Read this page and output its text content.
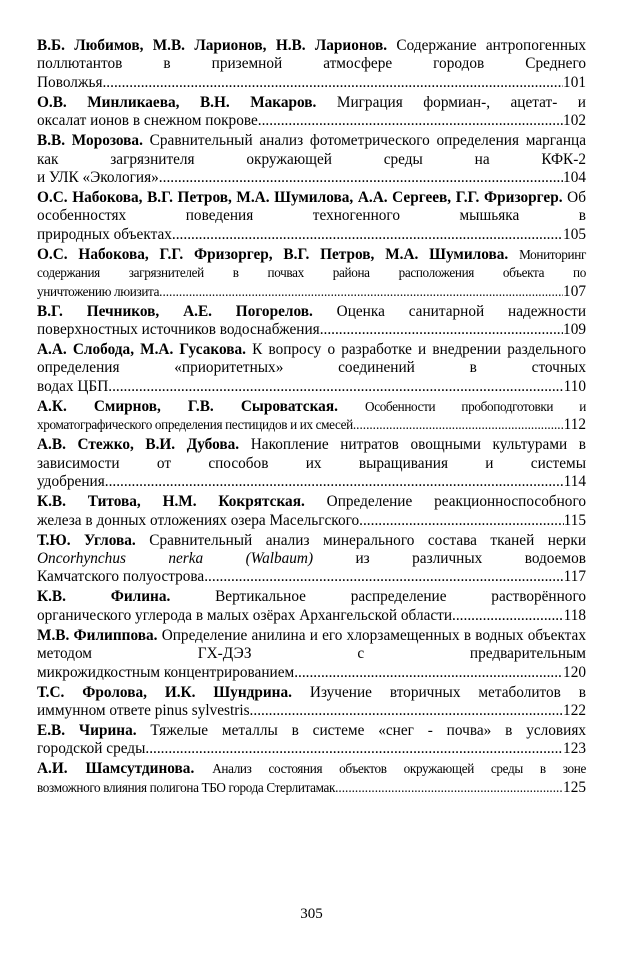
В.Б. Любимов, М.В. Ларионов, Н.В. Ларионов. Содержание антропогенных поллютантов в приземной атмосфере городов Среднего
Поволжья .....	101
О.В. Минликаева, В.Н. Макаров. Миграция формиан-, ацетат- и
оксалат ионов в снежном покрове .....	102
В.В. Морозова. Сравнительный анализ фотометрического определения марганца как загрязнителя окружающей среды на КФК-2
и УЛК «Экология» .....	104
О.С. Набокова, В.Г. Петров, М.А. Шумилова, А.А. Сергеев, Г.Г. Фризоргер. Об особенностях поведения техногенного мышьяка в
природных объектах .....	105
О.С. Набокова, Г.Г. Фризоргер, В.Г. Петров, М.А. Шумилова. Мониторинг содержания загрязнителей в почвах района расположения объекта по
уничтожению люизита .....	107
В.Г. Печников, А.Е. Погорелов. Оценка санитарной надежности
поверхностных источников водоснабжения .....	109
А.А. Слобода, М.А. Гусакова. К вопросу о разработке и внедрении раздельного определения «приоритетных» соединений в сточных
водах ЦБП .....	110
А.К. Смирнов, Г.В. Сыроватская. Особенности пробоподготовки и
хроматографического определения пестицидов и их смесей .....	112
А.В. Стежко, В.И. Дубова. Накопление нитратов овощными культурами в зависимости от способов их выращивания и системы
удобрения .....	114
К.В. Титова, Н.М. Кокрятская. Определение реакционноспособного
железа в донных отложениях озера Масельгского .....	115
Т.Ю. Углова. Сравнительный анализ минерального состава тканей нерки Oncorhynchus nerka (Walbaum)	из различных водоемов
Камчатского полуострова .....	117
К.В. Филина.	Вертикальное распределение растворённого
органического углерода в малых озёрах Архангельской области .....	118
М.В. Филиппова. Определение анилина и его хлорзамещенных в водных объектах методом ГХ-ДЭЗ с предварительным
микрожидкостным концентрированием .....	120
Т.С. Фролова, И.К. Шундрина. Изучение вторичных метаболитов в
иммунном ответе pinus sylvestris .....	122
Е.В. Чирина. Тяжелые металлы в системе «снег - почва» в условиях
городской среды .....	123
А.И. Шамсутдинова. Анализ состояния объектов окружающей среды в зоне
возможного влияния полигона ТБО города Стерлитамак .....	125
305
